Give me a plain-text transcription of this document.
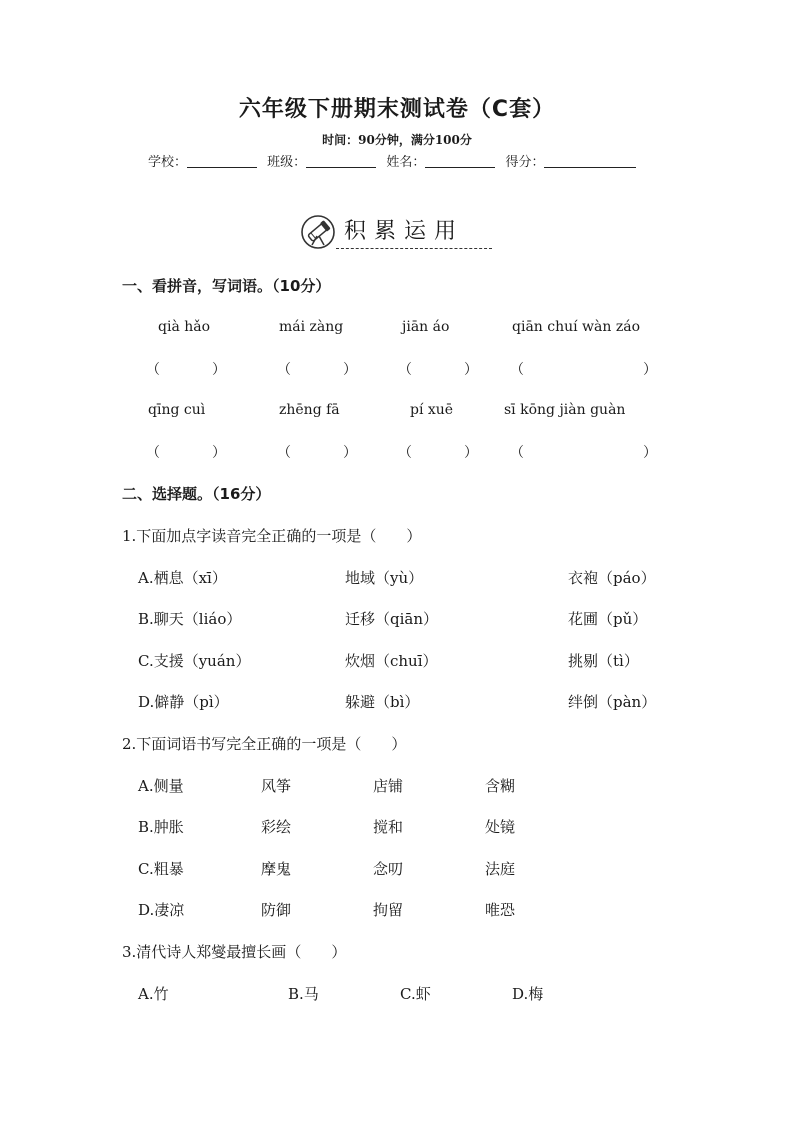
六年级下册期末测试卷（C套）
时间：90分钟，满分100分
学校：	班级：	姓名：	得分：
积累运用
一、看拼音，写词语。（10分）
qià hǎo	mái zàng	jiān áo	qiān chuí wàn záo
（	）	（	）	（	） （	）
qīng cuì	zhēng fā	pí xuē	sī kōng jiàn guàn
（	）	（	）	（	） （	）
二、选择题。（16分）
1.下面加点字读音完全正确的一项是（　　）
A.栖息（xī）	地域（yù）	衣袍（páo）
B.聊天（liáo）	迁移（qiān）	花圃（pǔ）
C.支援（yuán）	炊烟（chuī）	挑剔（tì）
D.僻静（pì）	躲避（bì）	绊倒（pàn）
2.下面词语书写完全正确的一项是（　　）
A.侧量	风筝	店铺	含糊
B.肿胀	彩绘	搅和	处镜
C.粗暴	摩鬼	念叨	法庭
D.凄凉	防御	拘留	唯恐
3.清代诗人郑燮最擅长画（　　）
A.竹	B.马	C.虾	D.梅
